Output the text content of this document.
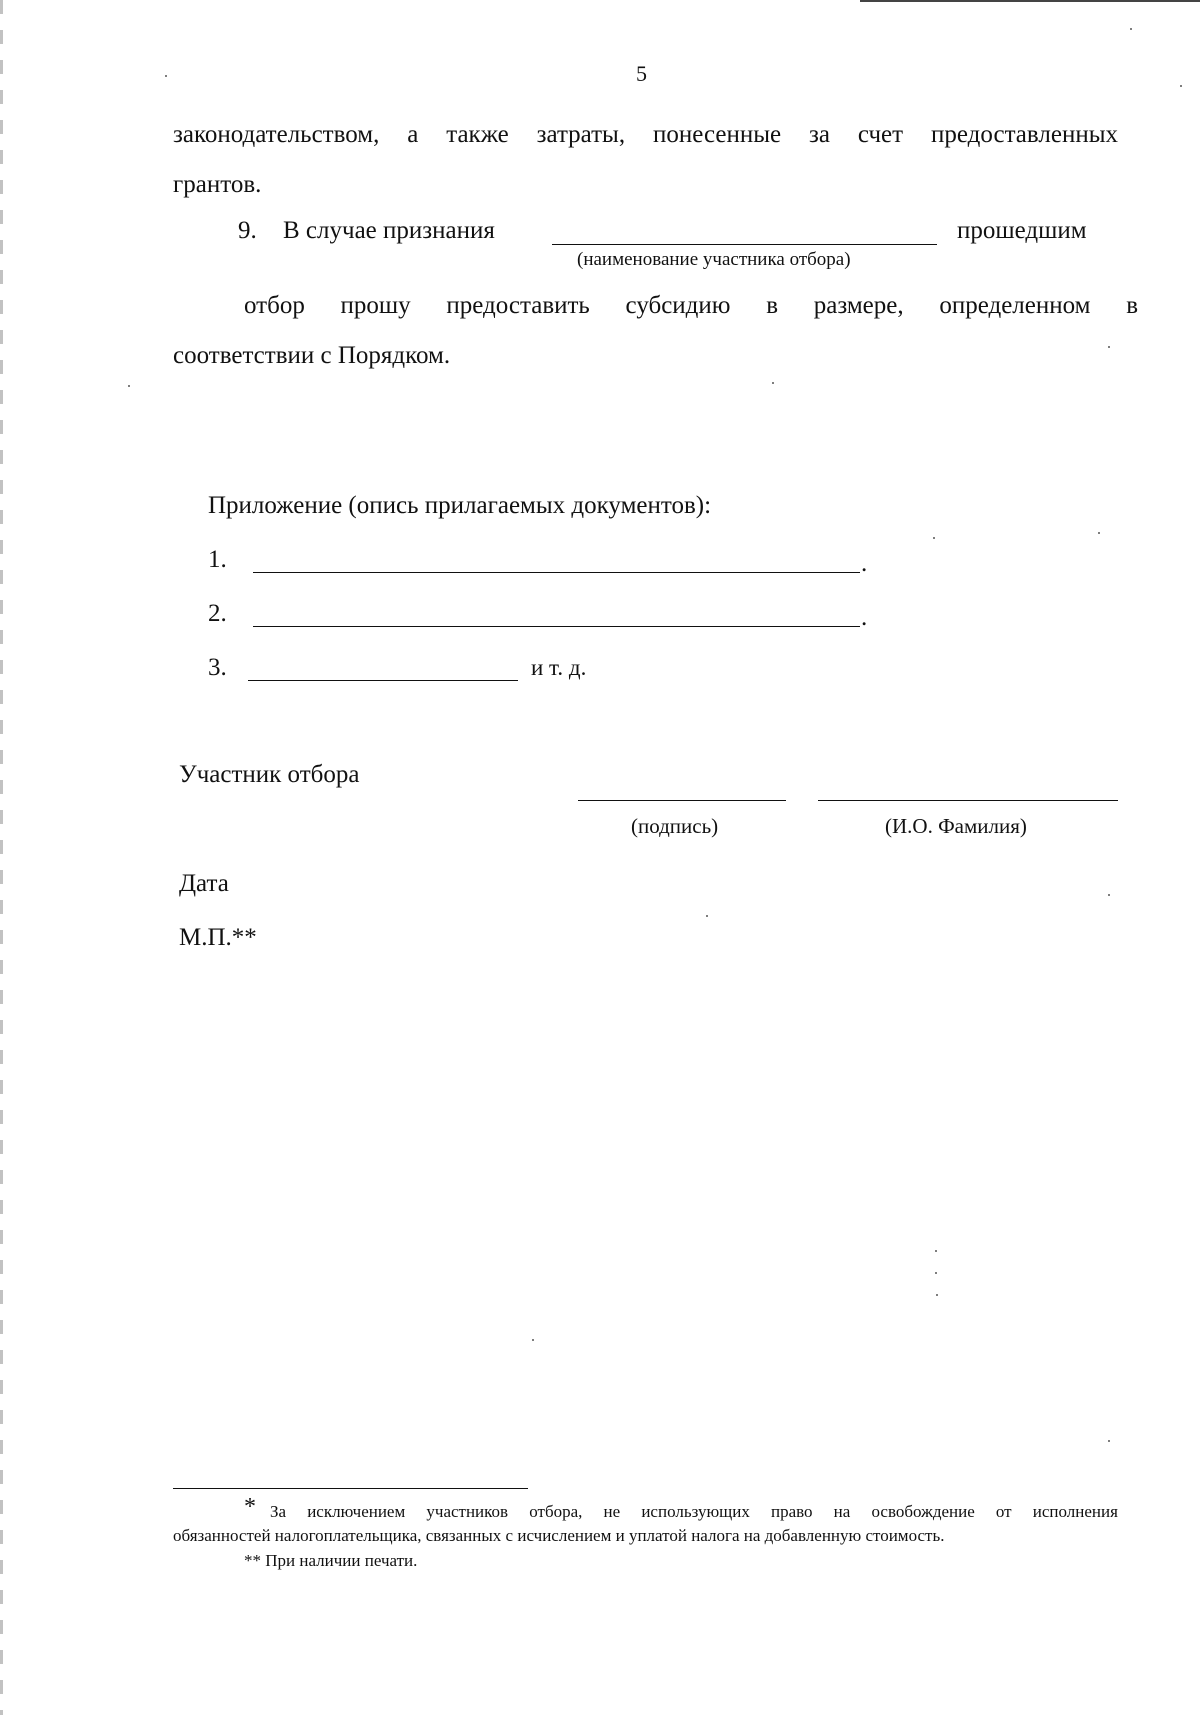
5
законодательством, а также затраты, понесенные за счет предоставленных
грантов.
9. В случае признания	прошедшим
(наименование участника отбора)
отбор прошу предоставить субсидию в размере, определенном в
соответствии с Порядком.
Приложение (опись прилагаемых документов):
1.	.
2.	.
3.	и т. д.
Участник отбора
(подпись)	(И.О. Фамилия)
Дата
М.П.**
* За исключением участников отбора, не использующих право на освобождение от исполнения
обязанностей налогоплательщика, связанных с исчислением и уплатой налога на добавленную стоимость.
** При наличии печати.
